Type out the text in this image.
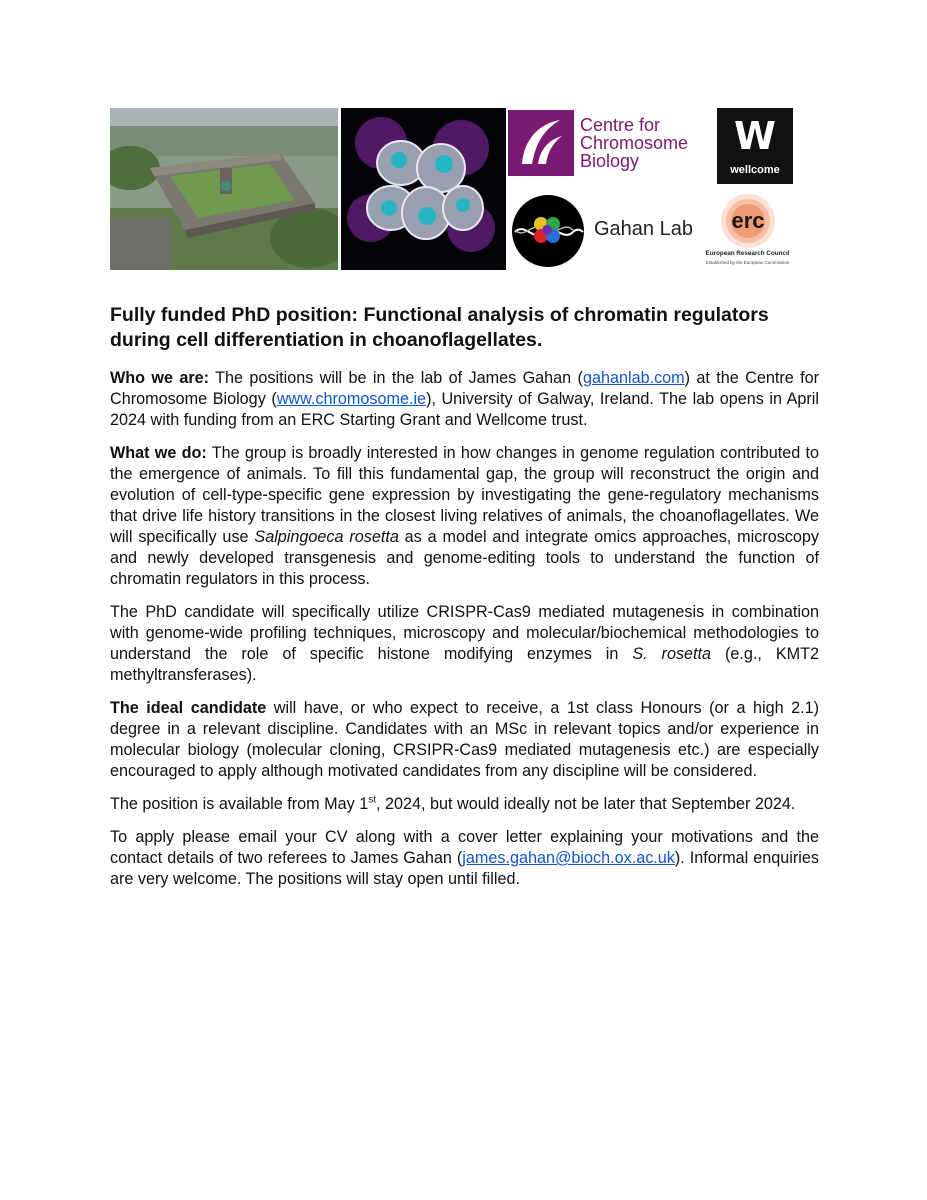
Centre for
Chromosome
Biology
W
wellcome
Gahan Lab erc
European Research Council
Established by the European Commission
Fully funded PhD position: Functional analysis of chromatin regulators during cell differentiation in choanoflagellates.

Who we are: The positions will be in the lab of James Gahan (gahanlab.com) at the Centre for Chromosome Biology (www.chromosome.ie), University of Galway, Ireland. The lab opens in April 2024 with funding from an ERC Starting Grant and Wellcome trust.

What we do: The group is broadly interested in how changes in genome regulation contributed to the emergence of animals. To fill this fundamental gap, the group will reconstruct the origin and evolution of cell-type-specific gene expression by investigating the gene-regulatory mechanisms that drive life history transitions in the closest living relatives of animals, the choanoflagellates. We will specifically use Salpingoeca rosetta as a model and integrate omics approaches, microscopy and newly developed transgenesis and genome-editing tools to understand the function of chromatin regulators in this process.

The PhD candidate will specifically utilize CRISPR-Cas9 mediated mutagenesis in combination with genome-wide profiling techniques, microscopy and molecular/biochemical methodologies to understand the role of specific histone modifying enzymes in S. rosetta (e.g., KMT2 methyltransferases).

The ideal candidate will have, or who expect to receive, a 1st class Honours (or a high 2.1) degree in a relevant discipline. Candidates with an MSc in relevant topics and/or experience in molecular biology (molecular cloning, CRSIPR-Cas9 mediated mutagenesis etc.) are especially encouraged to apply although motivated candidates from any discipline will be considered.

The position is available from May 1st, 2024, but would ideally not be later that September 2024.

To apply please email your CV along with a cover letter explaining your motivations and the contact details of two referees to James Gahan (james.gahan@bioch.ox.ac.uk). Informal enquiries are very welcome. The positions will stay open until filled.
